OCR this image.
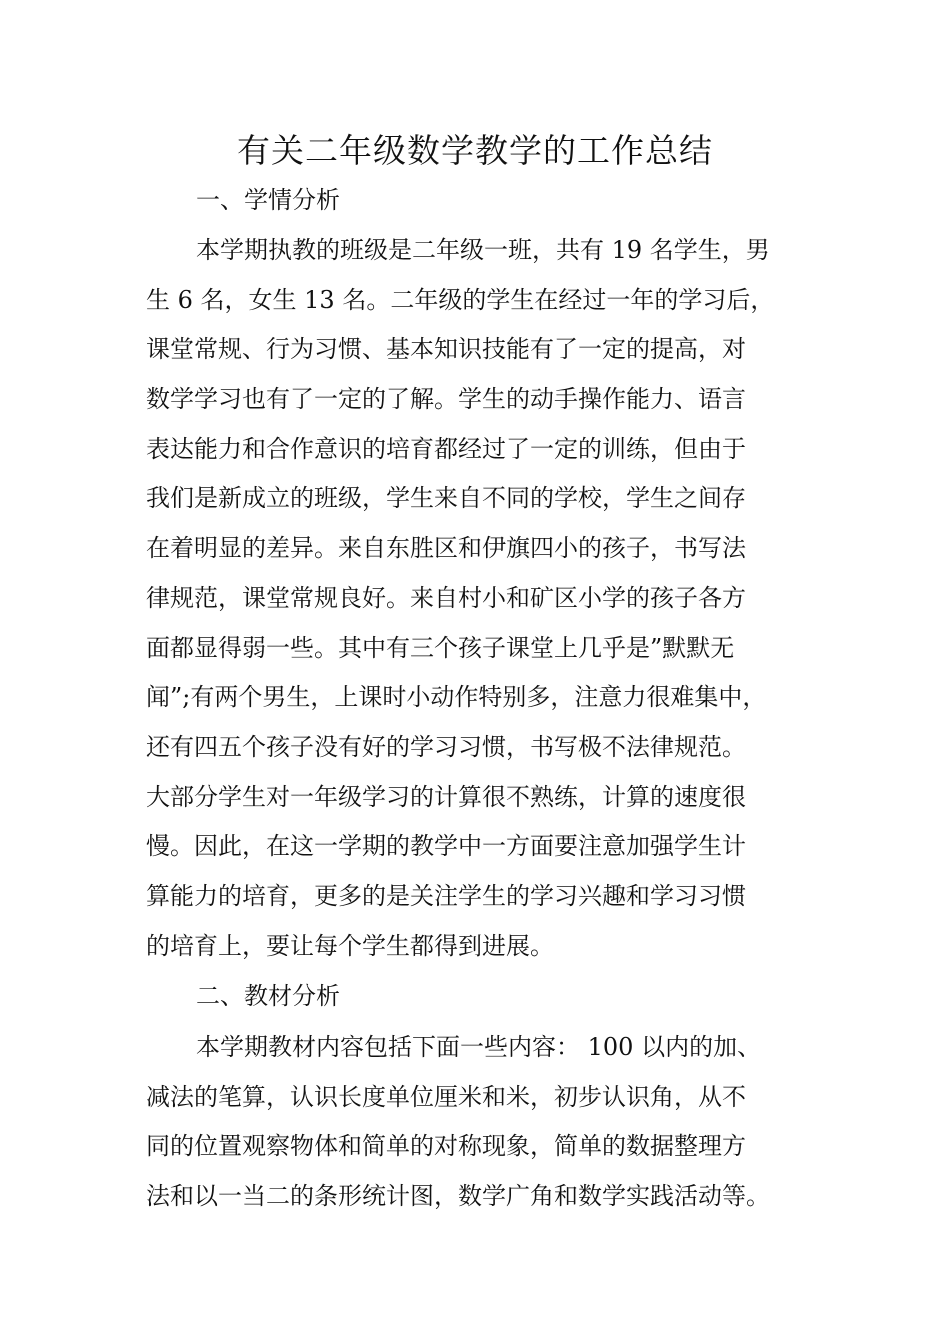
有关二年级数学教学的工作总结

一、学情分析

本学期执教的班级是二年级一班，共有 19 名学生，男
生 6 名，女生 13 名。二年级的学生在经过一年的学习后，
课堂常规、行为习惯、基本知识技能有了一定的提高，对
数学学习也有了一定的了解。学生的动手操作能力、语言
表达能力和合作意识的培育都经过了一定的训练，但由于
我们是新成立的班级，学生来自不同的学校，学生之间存
在着明显的差异。来自东胜区和伊旗四小的孩子，书写法
律规范，课堂常规良好。来自村小和矿区小学的孩子各方
面都显得弱一些。其中有三个孩子课堂上几乎是”默默无
闻”;有两个男生，上课时小动作特别多，注意力很难集中，
还有四五个孩子没有好的学习习惯，书写极不法律规范。
大部分学生对一年级学习的计算很不熟练，计算的速度很
慢。因此，在这一学期的教学中一方面要注意加强学生计
算能力的培育，更多的是关注学生的学习兴趣和学习习惯
的培育上，要让每个学生都得到进展。

二、教材分析

本学期教材内容包括下面一些内容： 100 以内的加、
减法的笔算，认识长度单位厘米和米，初步认识角，从不
同的位置观察物体和简单的对称现象，简单的数据整理方
法和以一当二的条形统计图，数学广角和数学实践活动等。
